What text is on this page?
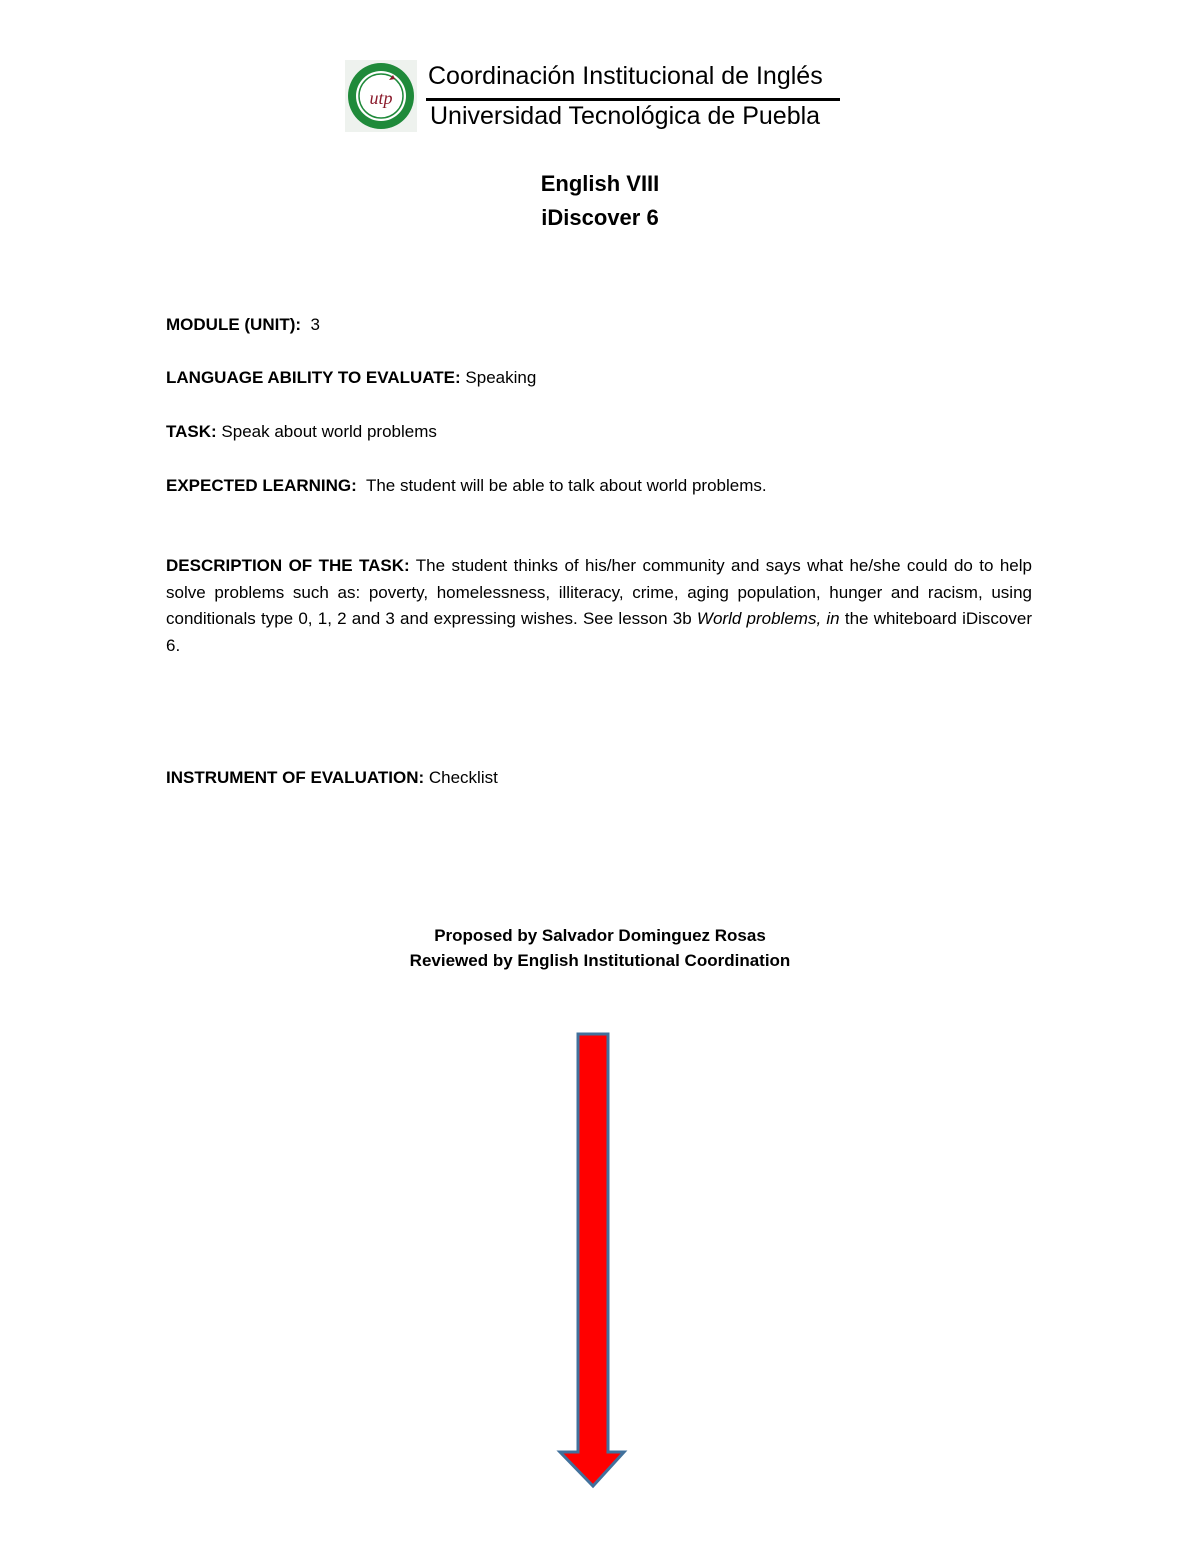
utp
Coordinación Institucional de Inglés
Universidad Tecnológica de Puebla
English VIII
iDiscover 6
MODULE (UNIT): 3
LANGUAGE ABILITY TO EVALUATE: Speaking
TASK: Speak about world problems
EXPECTED LEARNING: The student will be able to talk about world problems.
DESCRIPTION OF THE TASK: The student thinks of his/her community and says what he/she could do to help solve problems such as: poverty, homelessness, illiteracy, crime, aging population, hunger and racism, using conditionals type 0, 1, 2 and 3 and expressing wishes. See lesson 3b World problems, in the whiteboard iDiscover 6.
INSTRUMENT OF EVALUATION: Checklist
Proposed by Salvador Dominguez Rosas
Reviewed by English Institutional Coordination
